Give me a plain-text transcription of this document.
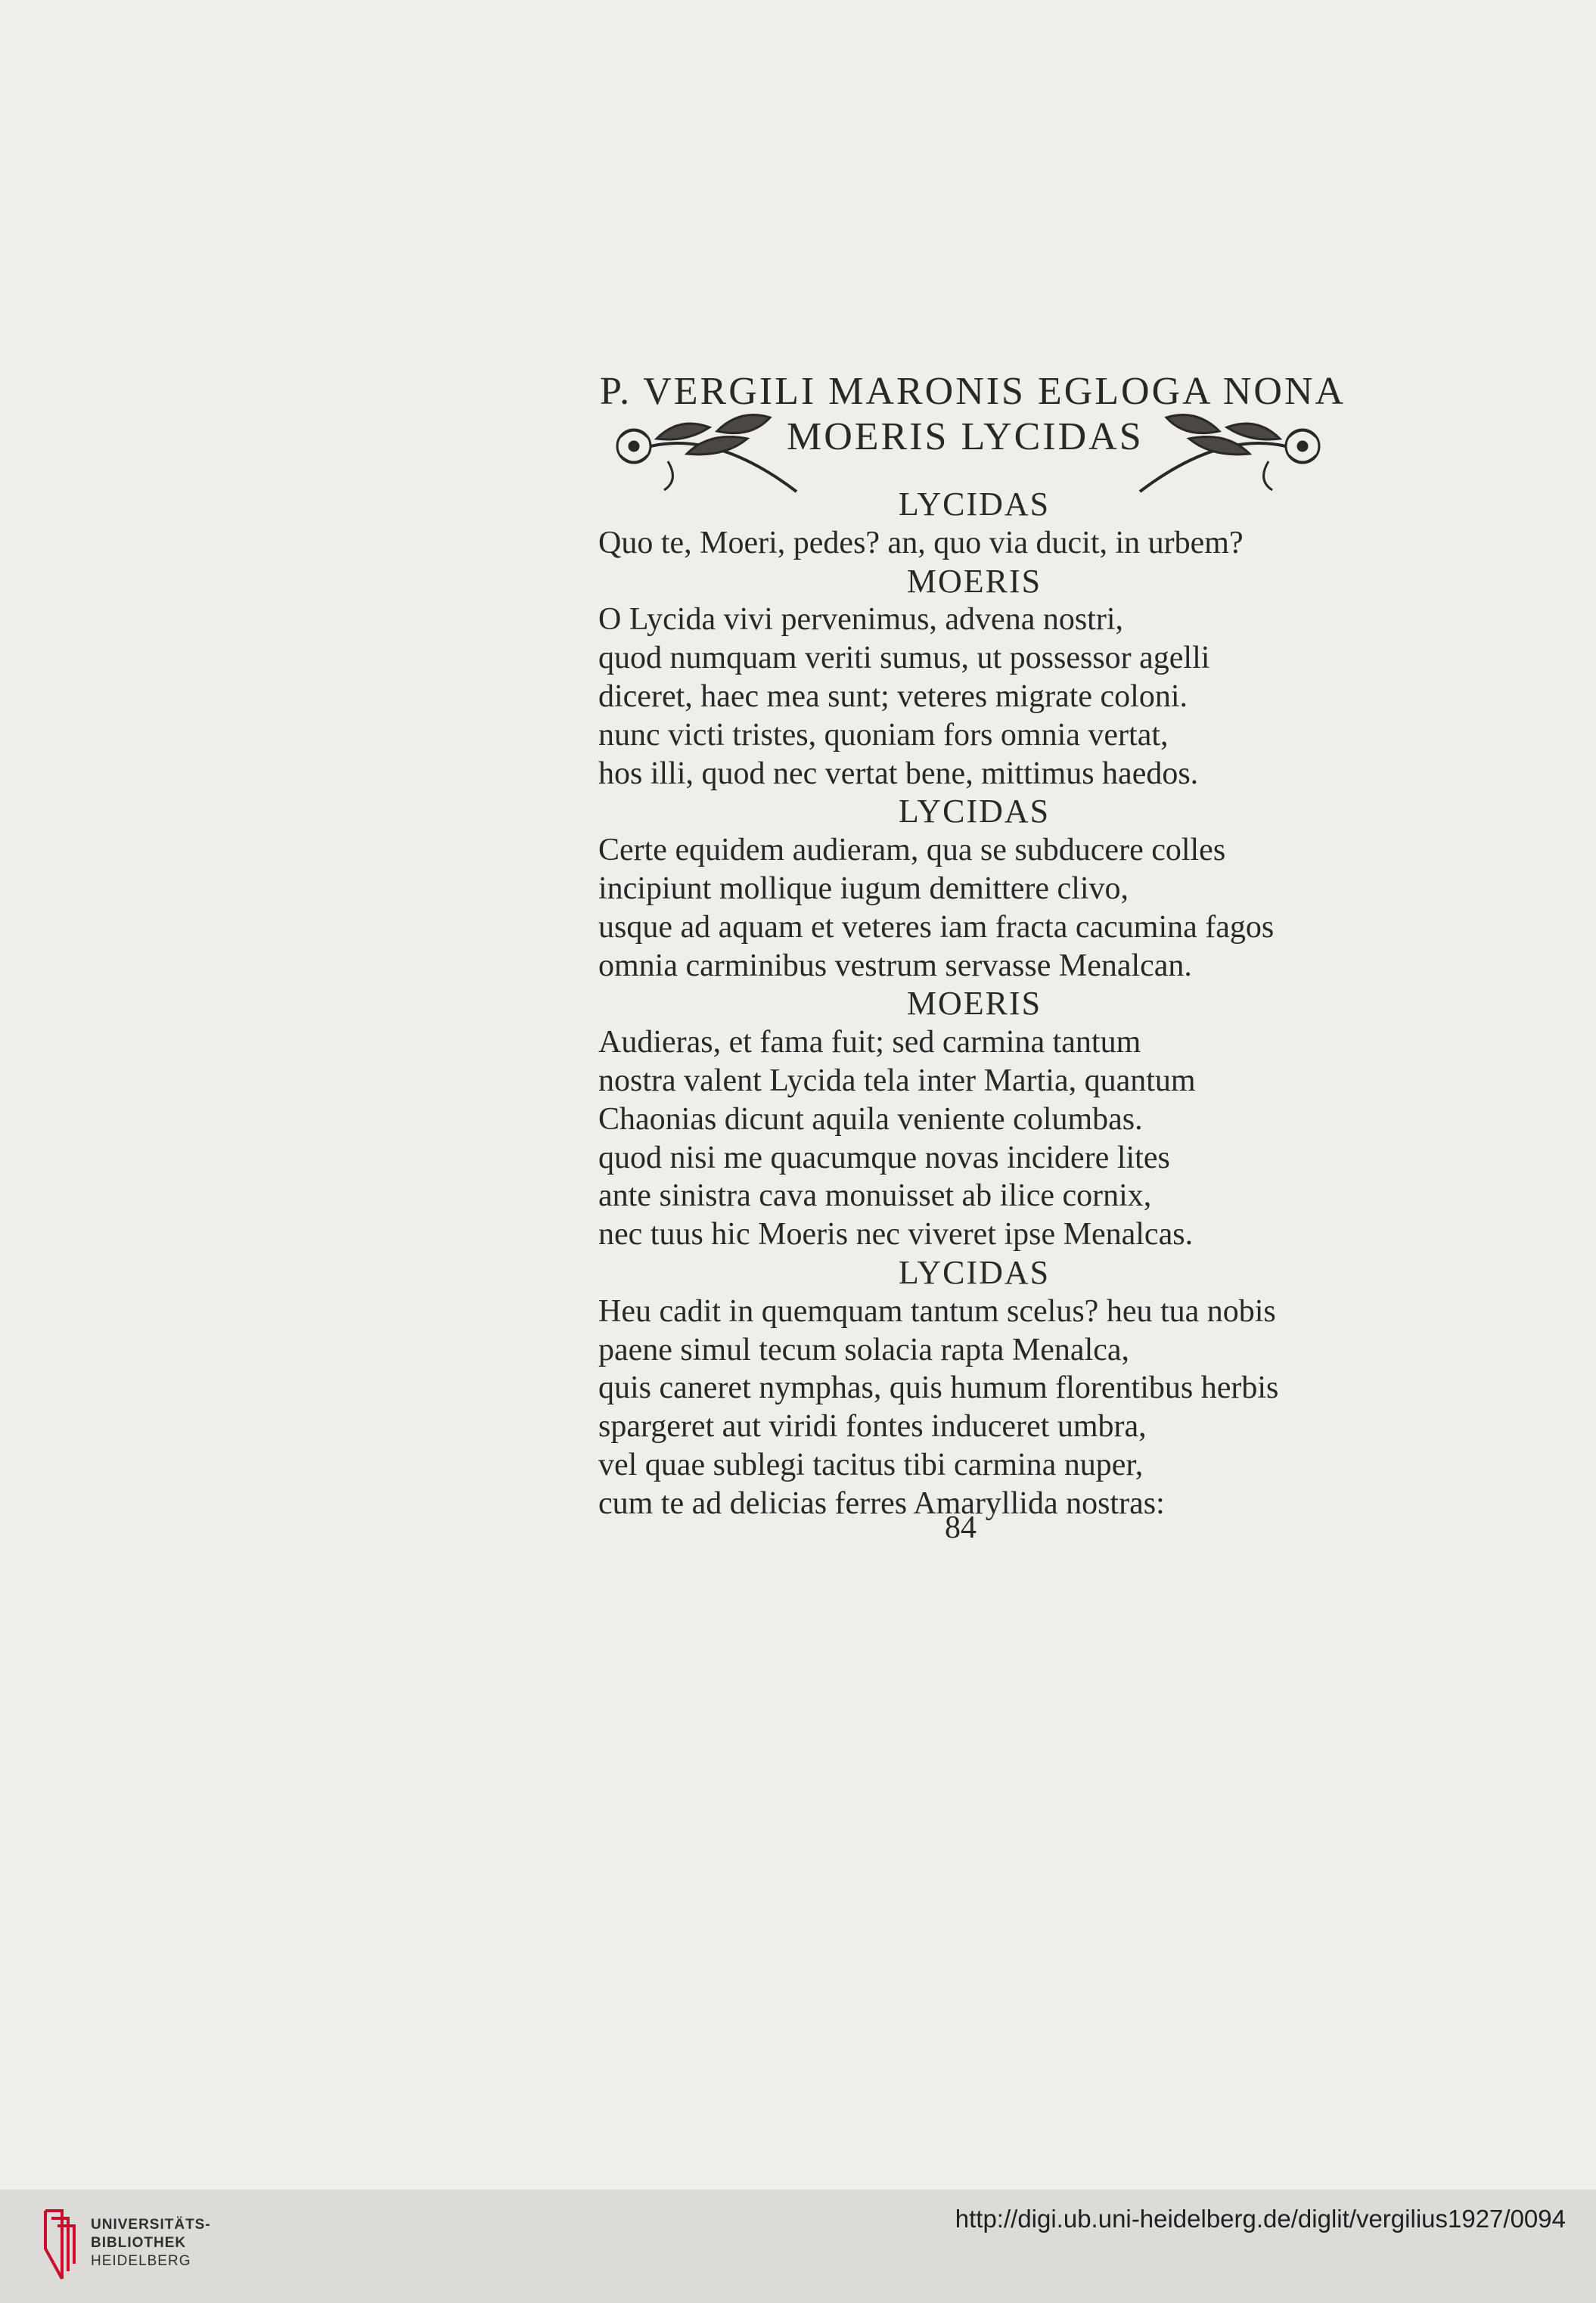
P. VERGILI MARONIS EGLOGA NONA
MOERIS LYCIDAS
LYCIDAS
Quo te, Moeri, pedes? an, quo via ducit, in urbem?
MOERIS
O Lycida vivi pervenimus, advena nostri,
quod numquam veriti sumus, ut possessor agelli
diceret, haec mea sunt; veteres migrate coloni.
nunc victi tristes, quoniam fors omnia vertat,
hos illi, quod nec vertat bene, mittimus haedos.
LYCIDAS
Certe equidem audieram, qua se subducere colles
incipiunt mollique iugum demittere clivo,
usque ad aquam et veteres iam fracta cacumina fagos
omnia carminibus vestrum servasse Menalcan.
MOERIS
Audieras, et fama fuit; sed carmina tantum
nostra valent Lycida tela inter Martia, quantum
Chaonias dicunt aquila veniente columbas.
quod nisi me quacumque novas incidere lites
ante sinistra cava monuisset ab ilice cornix,
nec tuus hic Moeris nec viveret ipse Menalcas.
LYCIDAS
Heu cadit in quemquam tantum scelus? heu tua nobis
paene simul tecum solacia rapta Menalca,
quis caneret nymphas, quis humum florentibus herbis
spargeret aut viridi fontes induceret umbra,
vel quae sublegi tacitus tibi carmina nuper,
cum te ad delicias ferres Amaryllida nostras:
84
UNIVERSITÄTS-
BIBLIOTHEK
HEIDELBERG
http://digi.ub.uni-heidelberg.de/diglit/vergilius1927/0094
